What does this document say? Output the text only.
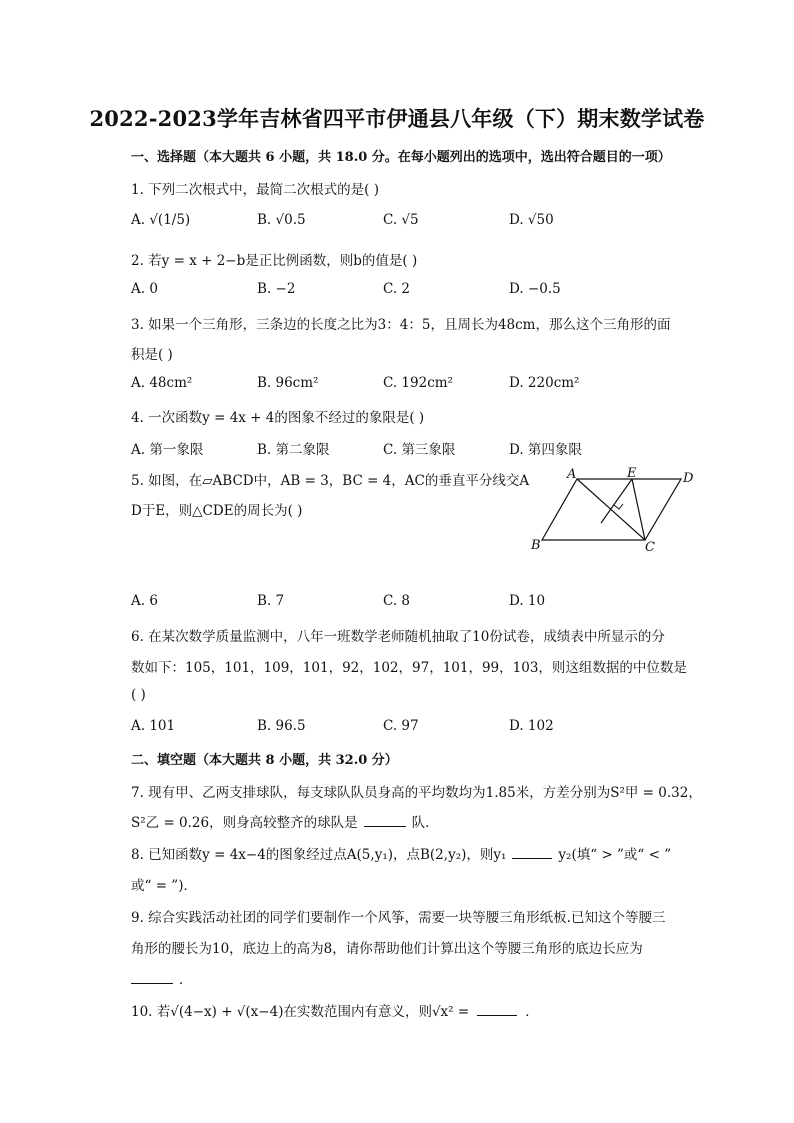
2022-2023学年吉林省四平市伊通县八年级（下）期末数学试卷
一、选择题（本大题共 6 小题，共 18.0 分。在每小题列出的选项中，选出符合题目的一项）
1. 下列二次根式中，最简二次根式的是( )
A. √(1/5)	B. √0.5	C. √5	D. √50
2. 若y = x + 2−b是正比例函数，则b的值是( )
A. 0	B. −2	C. 2	D. −0.5
3. 如果一个三角形，三条边的长度之比为3：4：5，且周长为48cm，那么这个三角形的面
积是( )
A. 48cm²	B. 96cm²	C. 192cm²	D. 220cm²
4. 一次函数y = 4x + 4的图象不经过的象限是( )
A. 第一象限	B. 第二象限	C. 第三象限	D. 第四象限
5. 如图，在▱ABCD中，AB = 3，BC = 4，AC的垂直平分线交A
D于E，则△CDE的周长为( )
A	E	D
B	C
A. 6	B. 7	C. 8	D. 10
6. 在某次数学质量监测中，八年一班数学老师随机抽取了10份试卷，成绩表中所显示的分
数如下：105，101，109，101，92，102，97，101，99，103，则这组数据的中位数是
( )
A. 101	B. 96.5	C. 97	D. 102
二、填空题（本大题共 8 小题，共 32.0 分）
7. 现有甲、乙两支排球队，每支球队队员身高的平均数均为1.85米，方差分别为S²甲 = 0.32，
S²乙 = 0.26，则身高较整齐的球队是	队．
8. 已知函数y = 4x−4的图象经过点A(5,y₁)，点B(2,y₂)，则y₁	y₂(填“ > ”或“ < ”
或“ = ”)．
9. 综合实践活动社团的同学们要制作一个风筝，需要一块等腰三角形纸板.已知这个等腰三
角形的腰长为10，底边上的高为8，请你帮助他们计算出这个等腰三角形的底边长应为
．
10. 若√(4−x) + √(x−4)在实数范围内有意义，则√x² =	．
